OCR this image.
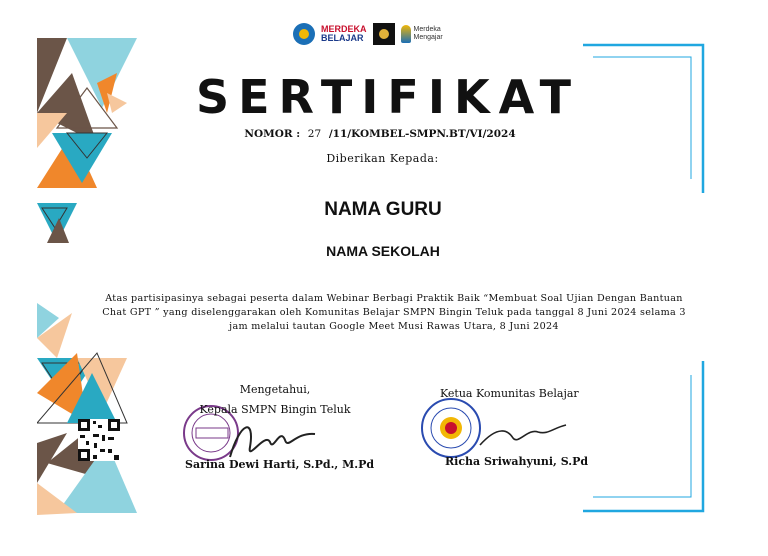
MERDEKA
BELAJAR
Merdeka
Mengajar
SERTIFIKAT
NOMOR : 27 /11/KOMBEL-SMPN.BT/VI/2024
Diberikan Kepada:
NAMA GURU
NAMA SEKOLAH
Atas partisipasinya sebagai peserta dalam Webinar Berbagi Praktik Baik “Membuat Soal Ujian Dengan Bantuan Chat GPT ” yang diselenggarakan oleh Komunitas Belajar SMPN Bingin Teluk pada tanggal 8 Juni 2024 selama 3 jam melalui tautan Google Meet Musi Rawas Utara, 8 Juni 2024
Mengetahui,
Kepala SMPN Bingin Teluk
Sarina Dewi Harti, S.Pd., M.Pd
Ketua Komunitas Belajar
Richa Sriwahyuni, S.Pd
